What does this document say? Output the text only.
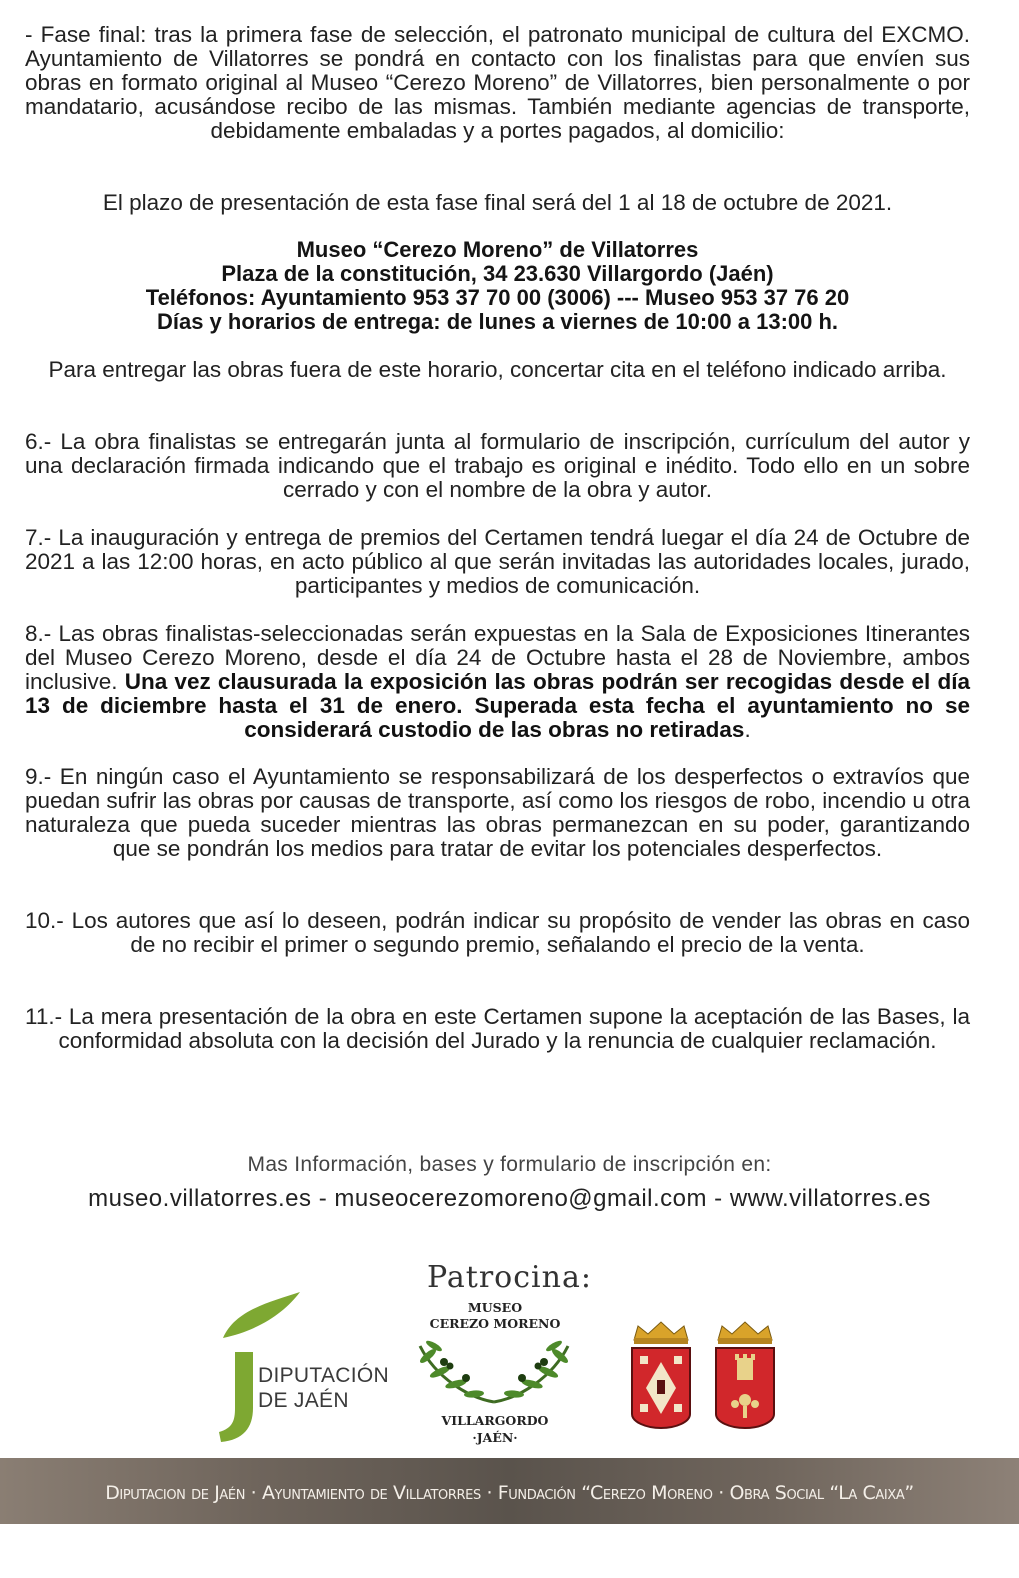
- Fase final: tras la primera fase de selección, el patronato municipal de cultura del EXCMO. Ayuntamiento de Villatorres se pondrá en contacto con los finalistas para que envíen sus obras en formato original al Museo “Cerezo Moreno” de Villatorres, bien personalmente o por mandatario, acusándose recibo de las mismas. También mediante agencias de transporte, debidamente embaladas y a portes pagados, al domicilio:

El plazo de presentación de esta fase final será del 1 al 18 de octubre de 2021.

Museo “Cerezo Moreno” de Villatorres
Plaza de la constitución, 34 23.630 Villargordo (Jaén)
Teléfonos: Ayuntamiento 953 37 70 00 (3006) --- Museo 953 37 76 20
Días y horarios de entrega: de lunes a viernes de 10:00 a 13:00 h.

Para entregar las obras fuera de este horario, concertar cita en el teléfono indicado arriba.

6.- La obra finalistas se entregarán junta al formulario de inscripción, currículum del autor y una declaración firmada indicando que el trabajo es original e inédito. Todo ello en un sobre cerrado y con el nombre de la obra y autor.

7.- La inauguración y entrega de premios del Certamen tendrá luegar el día 24 de Octubre de 2021 a las 12:00 horas, en acto público al que serán invitadas las autoridades locales, jurado, participantes y medios de comunicación.

8.- Las obras finalistas-seleccionadas serán expuestas en la Sala de Exposiciones Itinerantes del Museo Cerezo Moreno, desde el día 24 de Octubre hasta el 28 de Noviembre, ambos inclusive. Una vez clausurada la exposición las obras podrán ser recogidas desde el día 13 de diciembre hasta el 31 de enero. Superada esta fecha el ayuntamiento no se considerará custodio de las obras no retiradas.

9.- En ningún caso el Ayuntamiento se responsabilizará de los desperfectos o extravíos que puedan sufrir las obras por causas de transporte, así como los riesgos de robo, incendio u otra naturaleza que pueda suceder mientras las obras permanezcan en su poder, garantizando que se pondrán los medios para tratar de evitar los potenciales desperfectos.

10.- Los autores que así lo deseen, podrán indicar su propósito de vender las obras en caso de no recibir el primer o segundo premio, señalando el precio de la venta.

11.- La mera presentación de la obra en este Certamen supone la aceptación de las Bases, la conformidad absoluta con la decisión del Jurado y la renuncia de cualquier reclamación.

Mas Información, bases y formulario de inscripción en:
museo.villatorres.es - museocerezomoreno@gmail.com - www.villatorres.es
Patrocina:
DIPUTACIÓN
DE JAÉN
MUSEO
CEREZO MORENO
VILLARGORDO
·JAÉN·
Diputacion de Jaén · Ayuntamiento de Villatorres · Fundación “Cerezo Moreno · Obra Social “La Caixa”
